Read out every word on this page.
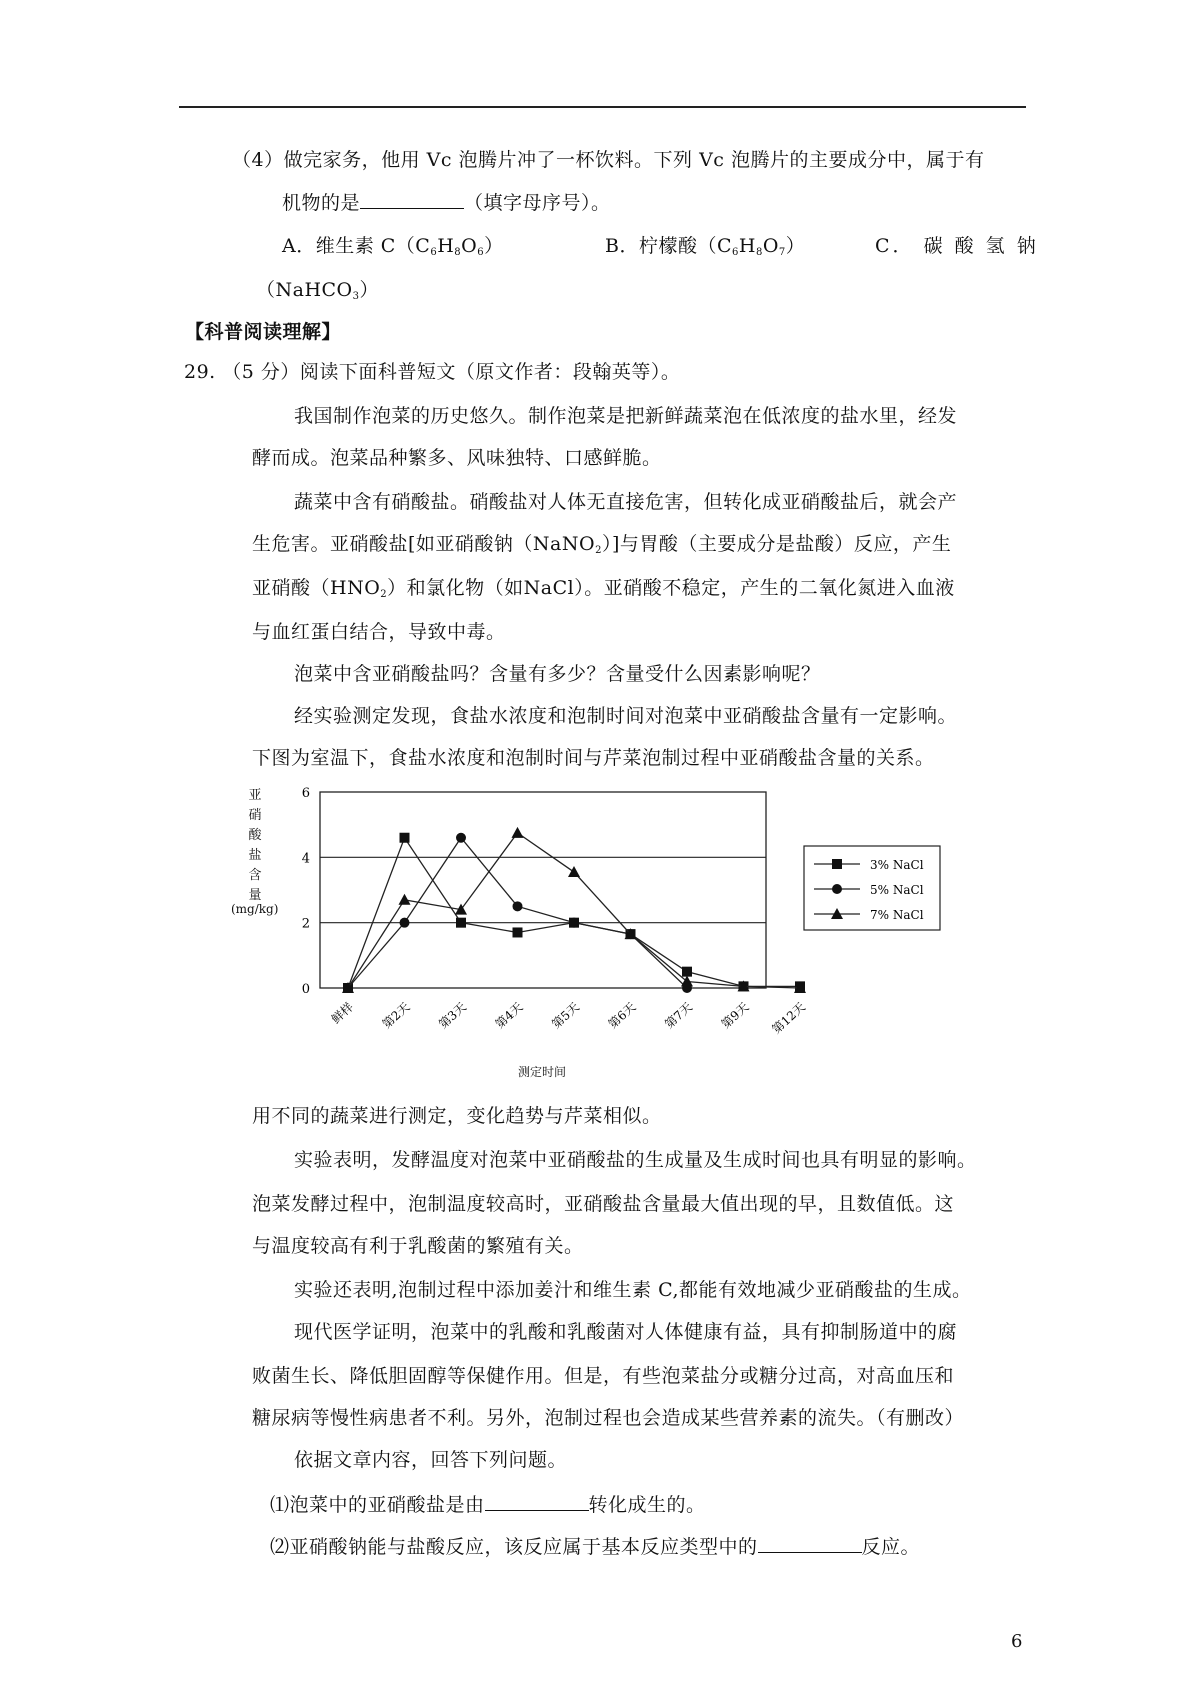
（4）做完家务，他用 Vc 泡腾片冲了一杯饮料。下列 Vc 泡腾片的主要成分中，属于有
机物的是	（填字母序号）。
A．维生素 $C(C_6H_8O_6)$	B．柠檬酸$(C_6H_8O_7)$	C． 碳 酸 氢 钠
（NaHCO$_3$）
【科普阅读理解】
29. （5 分）阅读下面科普短文（原文作者：段翰英等）。
我国制作泡菜的历史悠久。制作泡菜是把新鲜蔬菜泡在低浓度的盐水里，经发
酵而成。泡菜品种繁多、风味独特、口感鲜脆。
蔬菜中含有硝酸盐。硝酸盐对人体无直接危害，但转化成亚硝酸盐后，就会产
生危害。亚硝酸盐[如亚硝酸钠（NaNO$_2$）]与胃酸（主要成分是盐酸）反应，产生
亚硝酸$(HNO_2)$和氯化物（如NaCl）。亚硝酸不稳定，产生的二氧化氮进入血液
与血红蛋白结合，导致中毒。
泡菜中含亚硝酸盐吗？含量有多少？含量受什么因素影响呢？
经实验测定发现，食盐水浓度和泡制时间对泡菜中亚硝酸盐含量有一定影响。
下图为室温下，食盐水浓度和泡制时间与芹菜泡制过程中亚硝酸盐含量的关系。
0
2
4
6
鲜样 第2天 第3天 第4天 第5天 第6天 第7天 第9天 第12天
3% NaCl
5% NaCl
7% NaCl
亚
硝
酸
盐
含
量
(mg/kg)
测定时间
用不同的蔬菜进行测定，变化趋势与芹菜相似。
实验表明，发酵温度对泡菜中亚硝酸盐的生成量及生成时间也具有明显的影响。
泡菜发酵过程中，泡制温度较高时，亚硝酸盐含量最大值出现的早，且数值低。这
与温度较高有利于乳酸菌的繁殖有关。
实验还表明,泡制过程中添加姜汁和维生素 C,都能有效地减少亚硝酸盐的生成。
现代医学证明，泡菜中的乳酸和乳酸菌对人体健康有益，具有抑制肠道中的腐
败菌生长、降低胆固醇等保健作用。但是，有些泡菜盐分或糖分过高，对高血压和
糖尿病等慢性病患者不利。另外，泡制过程也会造成某些营养素的流失。（有删改）
依据文章内容，回答下列问题。
⑴泡菜中的亚硝酸盐是由	转化成生的。
⑵亚硝酸钠能与盐酸反应，该反应属于基本反应类型中的	反应。
6
